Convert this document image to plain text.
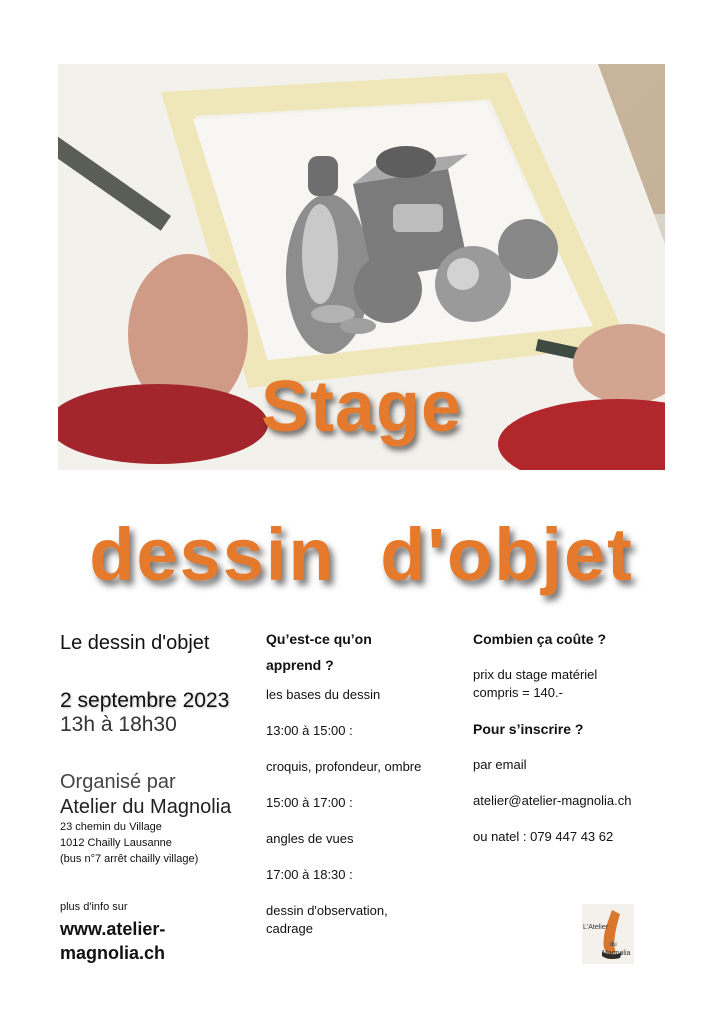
Stage
dessin d'objet
Le dessin d'objet
2 septembre 2023
13h à 18h30
Organisé par
Atelier du Magnolia
23 chemin du Village
1012 Chailly Lausanne
(bus n°7 arrêt chailly village)
plus d'info sur
www.atelier-
magnolia.ch
Qu’est-ce qu’on
apprend ?
les bases du dessin
13:00 à 15:00 :
croquis, profondeur, ombre
15:00 à 17:00 :
angles de vues
17:00 à 18:30 :
dessin d'observation,
cadrage
Combien ça coûte ?
prix du stage matériel
compris = 140.-
Pour s’inscrire ?
par email
atelier@atelier-magnolia.ch
ou natel : 079 447 43 62
L'Atelier
du
Magnolia
